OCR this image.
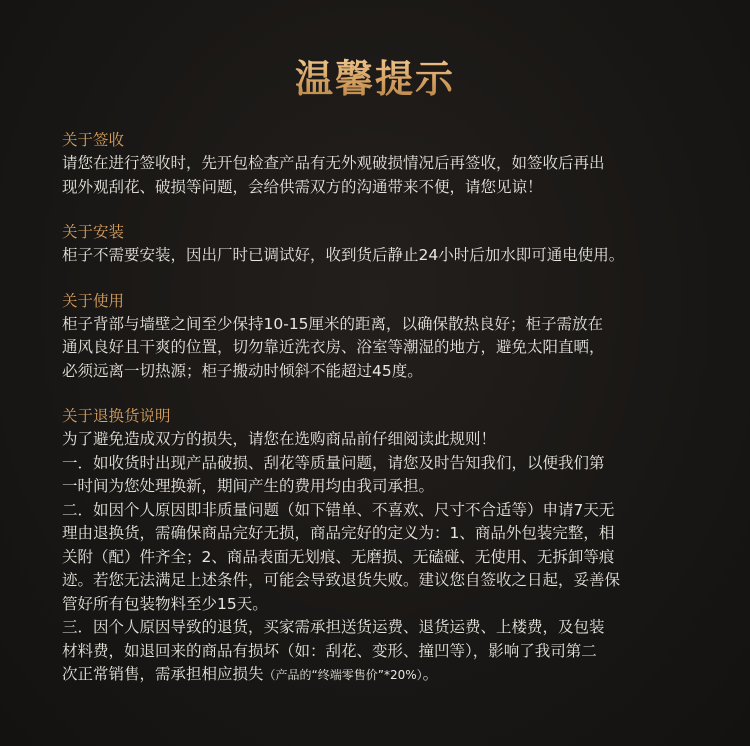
温馨提示
关于签收
请您在进行签收时，先开包检查产品有无外观破损情况后再签收，如签收后再出
现外观刮花、破损等问题，会给供需双方的沟通带来不便，请您见谅！
关于安装
柜子不需要安装，因出厂时已调试好，收到货后静止24小时后加水即可通电使用。
关于使用
柜子背部与墙壁之间至少保持10-15厘米的距离，以确保散热良好；柜子需放在
通风良好且干爽的位置，切勿靠近洗衣房、浴室等潮湿的地方，避免太阳直晒，
必须远离一切热源；柜子搬动时倾斜不能超过45度。
关于退换货说明
为了避免造成双方的损失，请您在选购商品前仔细阅读此规则！
一．如收货时出现产品破损、刮花等质量问题，请您及时告知我们，以便我们第
一时间为您处理换新，期间产生的费用均由我司承担。
二．如因个人原因即非质量问题（如下错单、不喜欢、尺寸不合适等）申请7天无
理由退换货，需确保商品完好无损，商品完好的定义为：1、商品外包装完整，相
关附（配）件齐全；2、商品表面无划痕、无磨损、无磕碰、无使用、无拆卸等痕
迹。若您无法满足上述条件，可能会导致退货失败。建议您自签收之日起，妥善保
管好所有包装物料至少15天。
三．因个人原因导致的退货，买家需承担送货运费、退货运费、上楼费，及包装
材料费，如退回来的商品有损坏（如：刮花、变形、撞凹等），影响了我司第二
次正常销售，需承担相应损失（产品的“终端零售价”*20%）。
